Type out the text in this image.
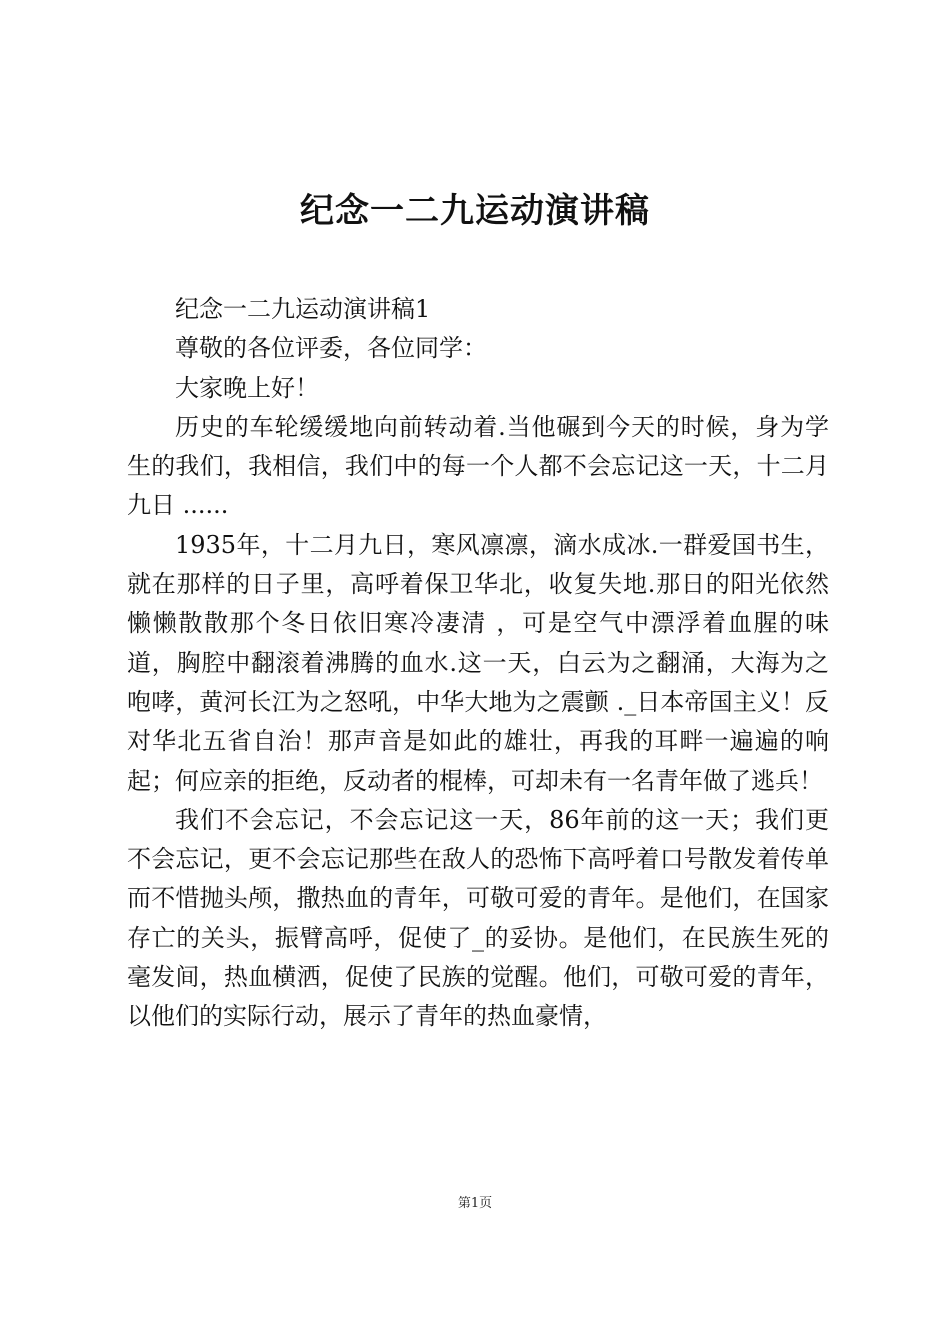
纪念一二九运动演讲稿

纪念一二九运动演讲稿1

尊敬的各位评委，各位同学：

大家晚上好！

历史的车轮缓缓地向前转动着.当他碾到今天的时候，身为学生的我们，我相信，我们中的每一个人都不会忘记这一天，十二月九日 ......

1935年，十二月九日，寒风凛凛，滴水成冰.一群爱国书生，就在那样的日子里，高呼着保卫华北，收复失地.那日的阳光依然懒懒散散那个冬日依旧寒冷凄清 ，可是空气中漂浮着血腥的味道，胸腔中翻滚着沸腾的血水.这一天，白云为之翻涌，大海为之咆哮，黄河长江为之怒吼，中华大地为之震颤 ._日本帝国主义！反对华北五省自治！那声音是如此的雄壮，再我的耳畔一遍遍的响起；何应亲的拒绝，反动者的棍棒，可却未有一名青年做了逃兵！

我们不会忘记，不会忘记这一天，86年前的这一天；我们更不会忘记，更不会忘记那些在敌人的恐怖下高呼着口号散发着传单而不惜抛头颅，撒热血的青年，可敬可爱的青年。是他们，在国家存亡的关头，振臂高呼，促使了_的妥协。是他们，在民族生死的毫发间，热血横洒，促使了民族的觉醒。他们，可敬可爱的青年，以他们的实际行动，展示了青年的热血豪情，

第1页
